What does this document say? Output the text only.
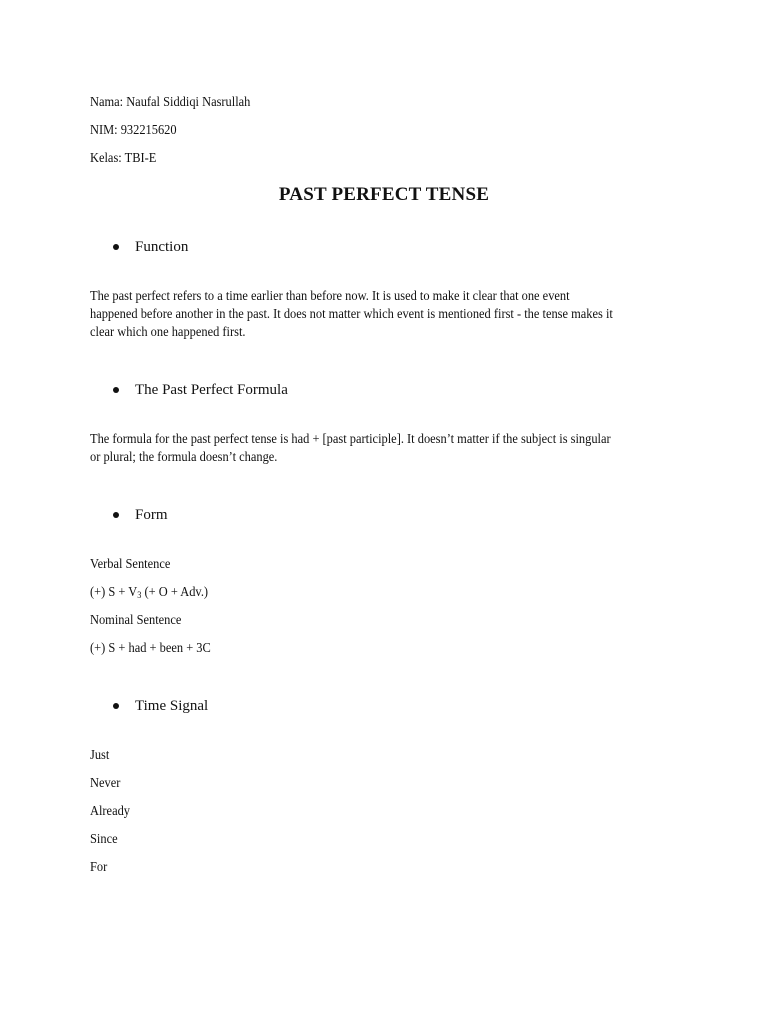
Nama: Naufal Siddiqi Nasrullah
NIM: 932215620
Kelas: TBI-E
PAST PERFECT TENSE
Function
The past perfect refers to a time earlier than before now. It is used to make it clear that one event
happened before another in the past. It does not matter which event is mentioned first - the tense makes it
clear which one happened first.
The Past Perfect Formula
The formula for the past perfect tense is had + [past participle]. It doesn’t matter if the subject is singular
or plural; the formula doesn’t change.
Form
Verbal Sentence
(+) $S + V_3$ (+ O + Adv.)
Nominal Sentence
(+) S + had + been + 3C
Time Signal
Just
Never
Already
Since
For
